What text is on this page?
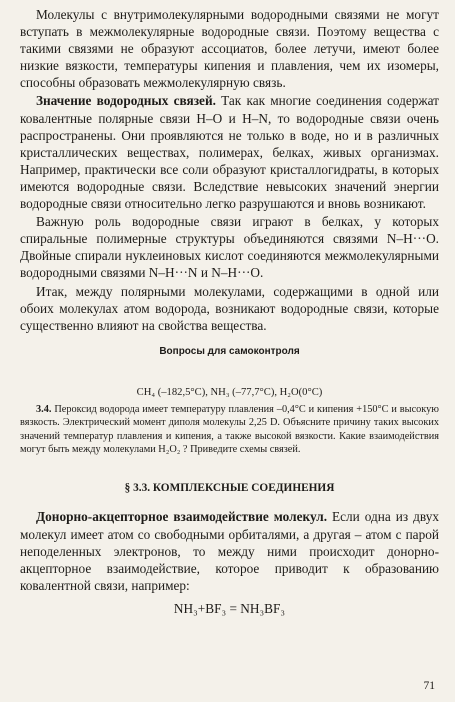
Молекулы с внутримолекулярными водородными связями не могут вступать в межмолекулярные водородные связи. Поэтому вещества с такими связями не образуют ассоциатов, более летучи, имеют более низкие вязкости, температуры кипения и плавления, чем их изомеры, способны образовать межмолекулярную связь.

Значение водородных связей. Так как многие соединения содержат ковалентные полярные связи H–O и H–N, то водородные связи очень распространены. Они проявляются не только в воде, но и в различных кристаллических веществах, полимерах, белках, живых организмах. Например, практически все соли образуют кристаллогидраты, в которых имеются водородные связи. Вследствие невысоких значений энергии водородные связи относительно легко разрушаются и вновь возникают.

Важную роль водородные связи играют в белках, у которых спиральные полимерные структуры объединяются связями N–H···O. Двойные спирали нуклеиновых кислот соединяются межмолекулярными водородными связями N–H···N и N–H···O.

Итак, между полярными молекулами, содержащими в одной или обоих молекулах атом водорода, возникают водородные связи, которые существенно влияют на свойства вещества.

Вопросы для самоконтроля

CH₄ (–182,5°C), NH₃ (–77,7°C), H₂O(0°C)

3.4. Пероксид водорода имеет температуру плавления –0,4°C и кипения +150°C и высокую вязкость. Электрический момент диполя молекулы 2,25 D. Объясните причину таких высоких значений температур плавления и кипения, а также высокой вязкости. Какие взаимодействия могут быть между молекулами H₂O₂ ? Приведите схемы связей.

§ 3.3. КОМПЛЕКСНЫЕ СОЕДИНЕНИЯ

Донорно-акцепторное взаимодействие молекул. Если одна из двух молекул имеет атом со свободными орбиталями, а другая – атом с парой неподеленных электронов, то между ними происходит донорно-акцепторное взаимодействие, которое приводит к образованию ковалентной связи, например:

NH₃+BF₃ = NH₃BF₃

71
